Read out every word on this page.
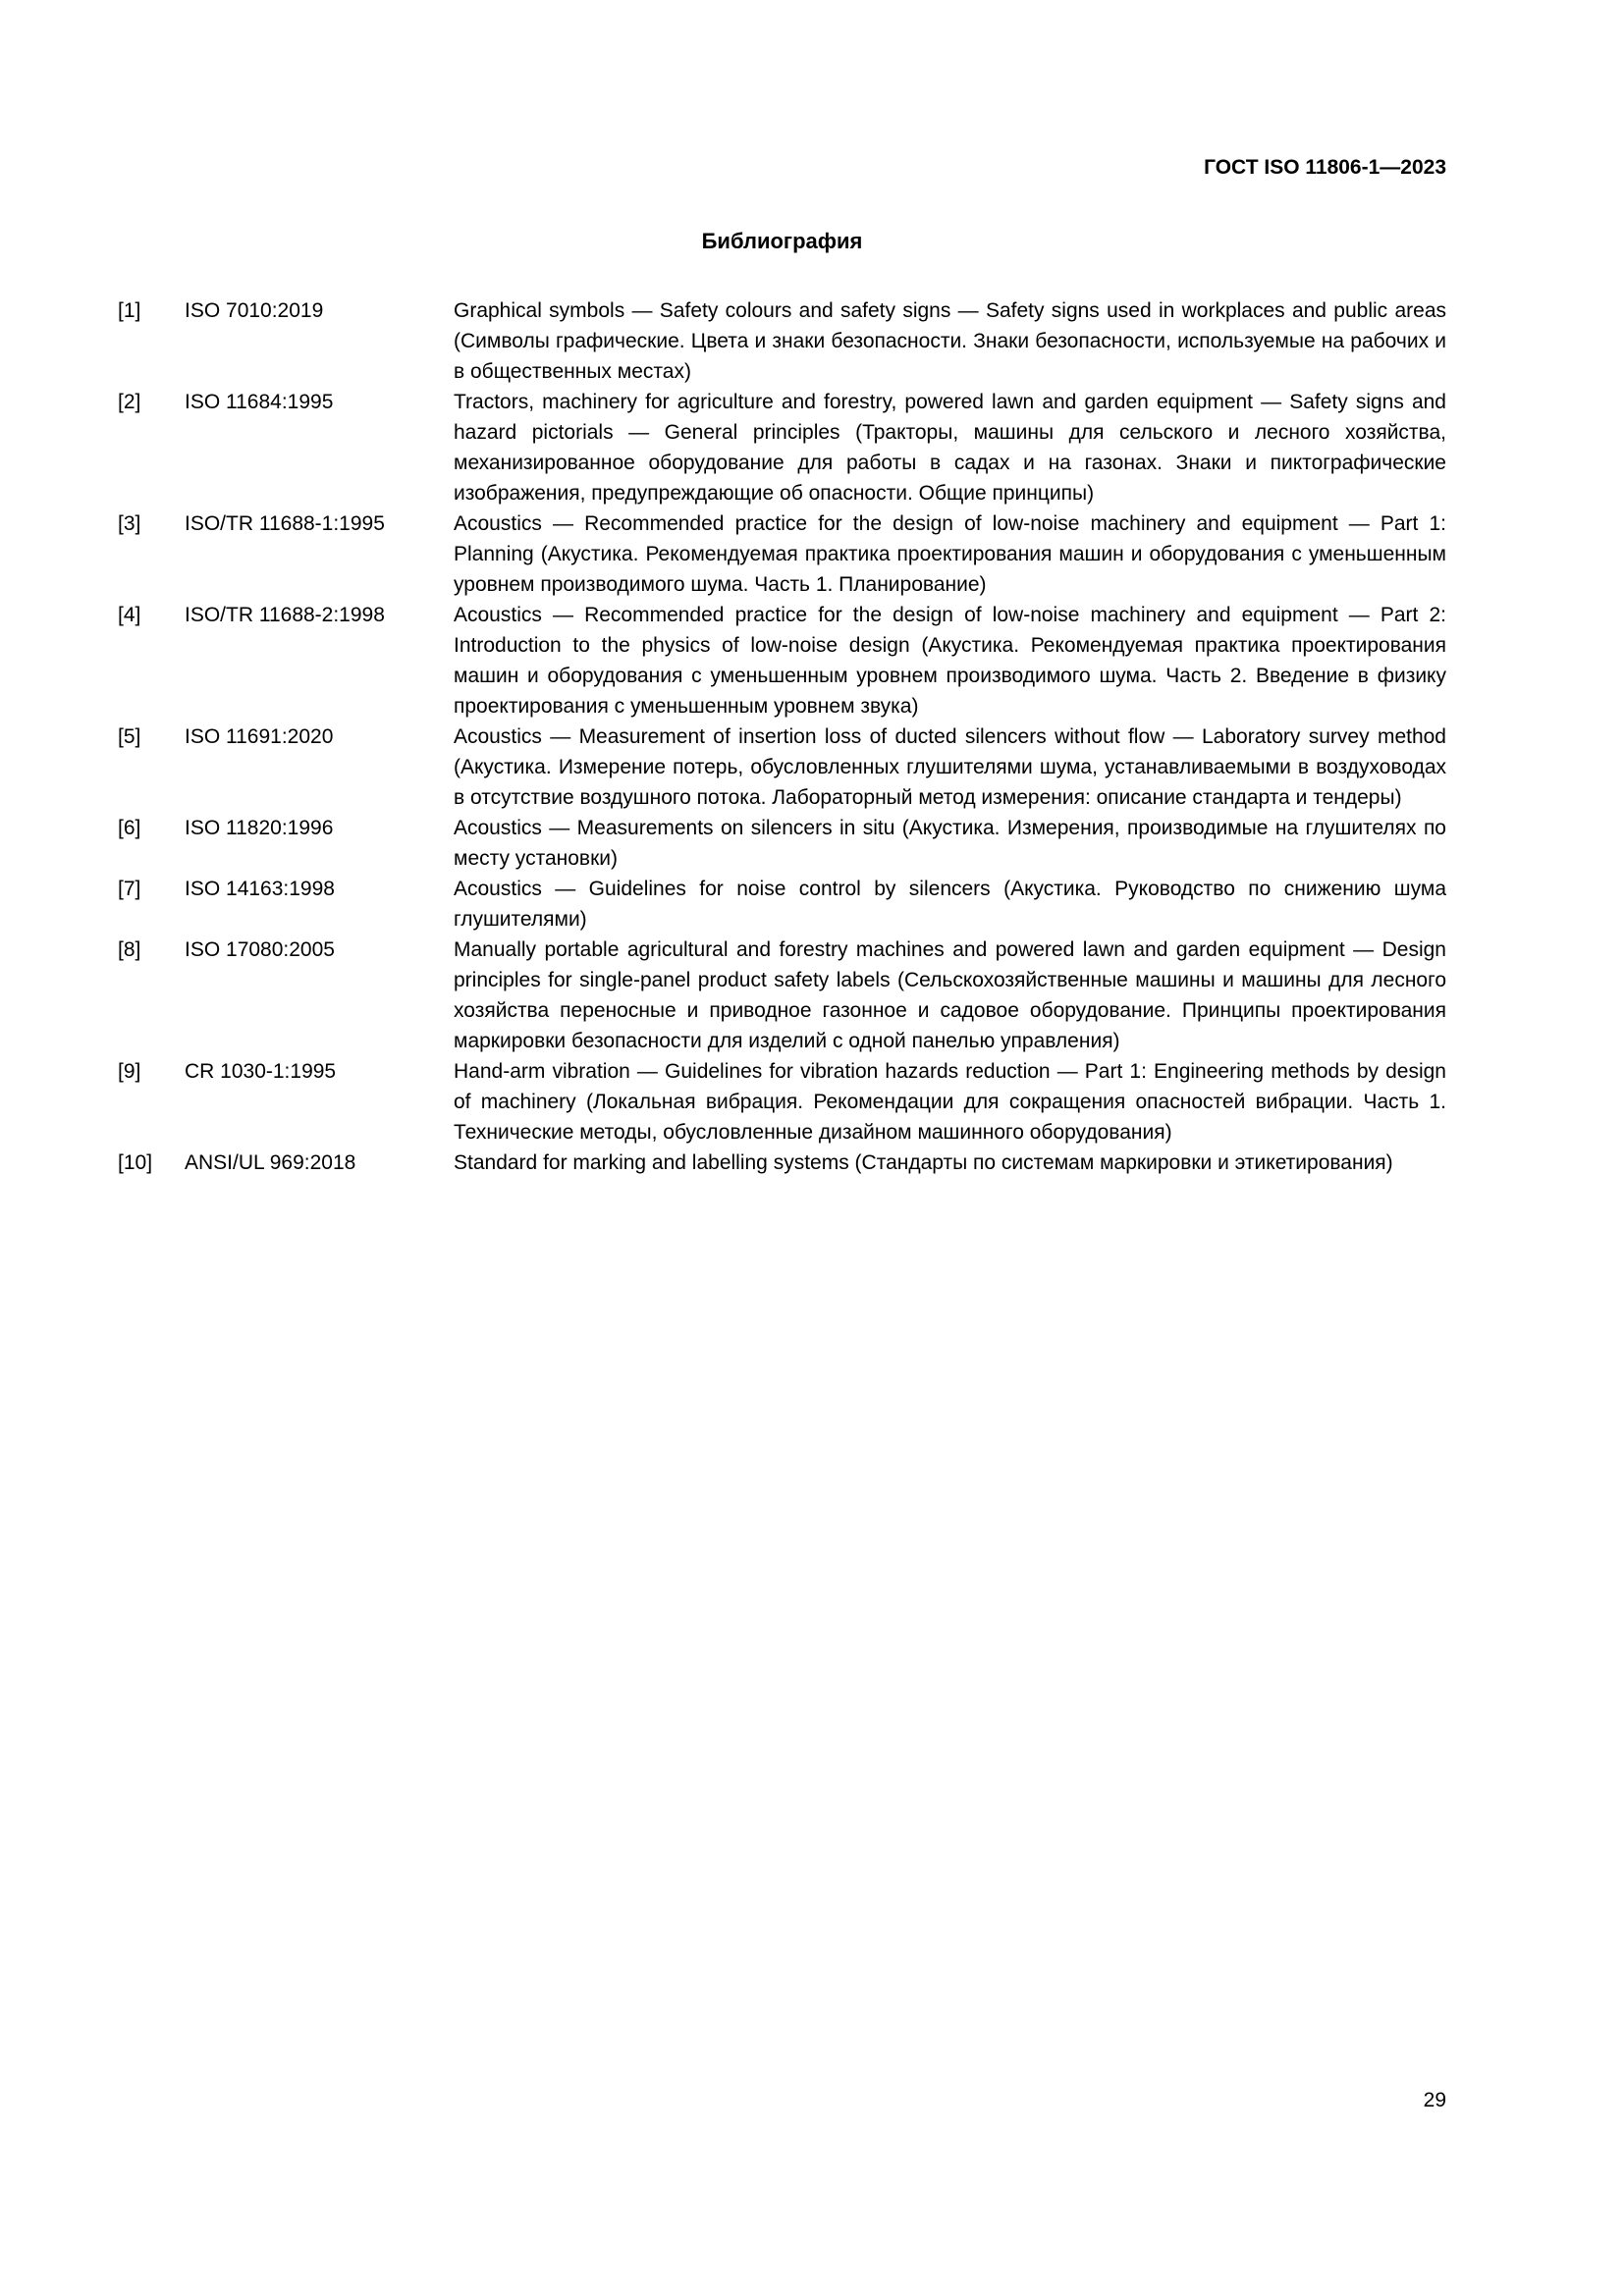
ГОСТ ISO 11806-1—2023
Библиография
[1]	ISO 7010:2019	Graphical symbols — Safety colours and safety signs — Safety signs used in workplaces and public areas (Символы графические. Цвета и знаки безопасности. Знаки безопасности, используемые на рабочих и в общественных местах)
[2]	ISO 11684:1995	Tractors, machinery for agriculture and forestry, powered lawn and garden equipment — Safety signs and hazard pictorials — General principles (Тракторы, машины для сельского и лесного хозяйства, механизированное оборудование для работы в садах и на газонах. Знаки и пиктографические изображения, предупреждающие об опасности. Общие принципы)
[3]	ISO/TR 11688-1:1995	Acoustics — Recommended practice for the design of low-noise machinery and equipment — Part 1: Planning (Акустика. Рекомендуемая практика проектирования машин и оборудования с уменьшенным уровнем производимого шума. Часть 1. Планирование)
[4]	ISO/TR 11688-2:1998	Acoustics — Recommended practice for the design of low-noise machinery and equipment — Part 2: Introduction to the physics of low-noise design (Акустика. Рекомендуемая практика проектирования машин и оборудования с уменьшенным уровнем производимого шума. Часть 2. Введение в физику проектирования с уменьшенным уровнем звука)
[5]	ISO 11691:2020	Acoustics — Measurement of insertion loss of ducted silencers without flow — Laboratory survey method (Акустика. Измерение потерь, обусловленных глушителями шума, устанавливаемыми в воздуховодах в отсутствие воздушного потока. Лабораторный метод измерения: описание стандарта и тендеры)
[6]	ISO 11820:1996	Acoustics — Measurements on silencers in situ (Акустика. Измерения, производимые на глушителях по месту установки)
[7]	ISO 14163:1998	Acoustics — Guidelines for noise control by silencers (Акустика. Руководство по снижению шума глушителями)
[8]	ISO 17080:2005	Manually portable agricultural and forestry machines and powered lawn and garden equipment — Design principles for single-panel product safety labels (Сельскохозяйственные машины и машины для лесного хозяйства переносные и приводное газонное и садовое оборудование. Принципы проектирования маркировки безопасности для изделий с одной панелью управления)
[9]	CR 1030-1:1995	Hand-arm vibration — Guidelines for vibration hazards reduction — Part 1: Engineering methods by design of machinery (Локальная вибрация. Рекомендации для сокращения опасностей вибрации. Часть 1. Технические методы, обусловленные дизайном машинного оборудования)
[10]	ANSI/UL 969:2018	Standard for marking and labelling systems (Стандарты по системам маркировки и этикетирования)
29
